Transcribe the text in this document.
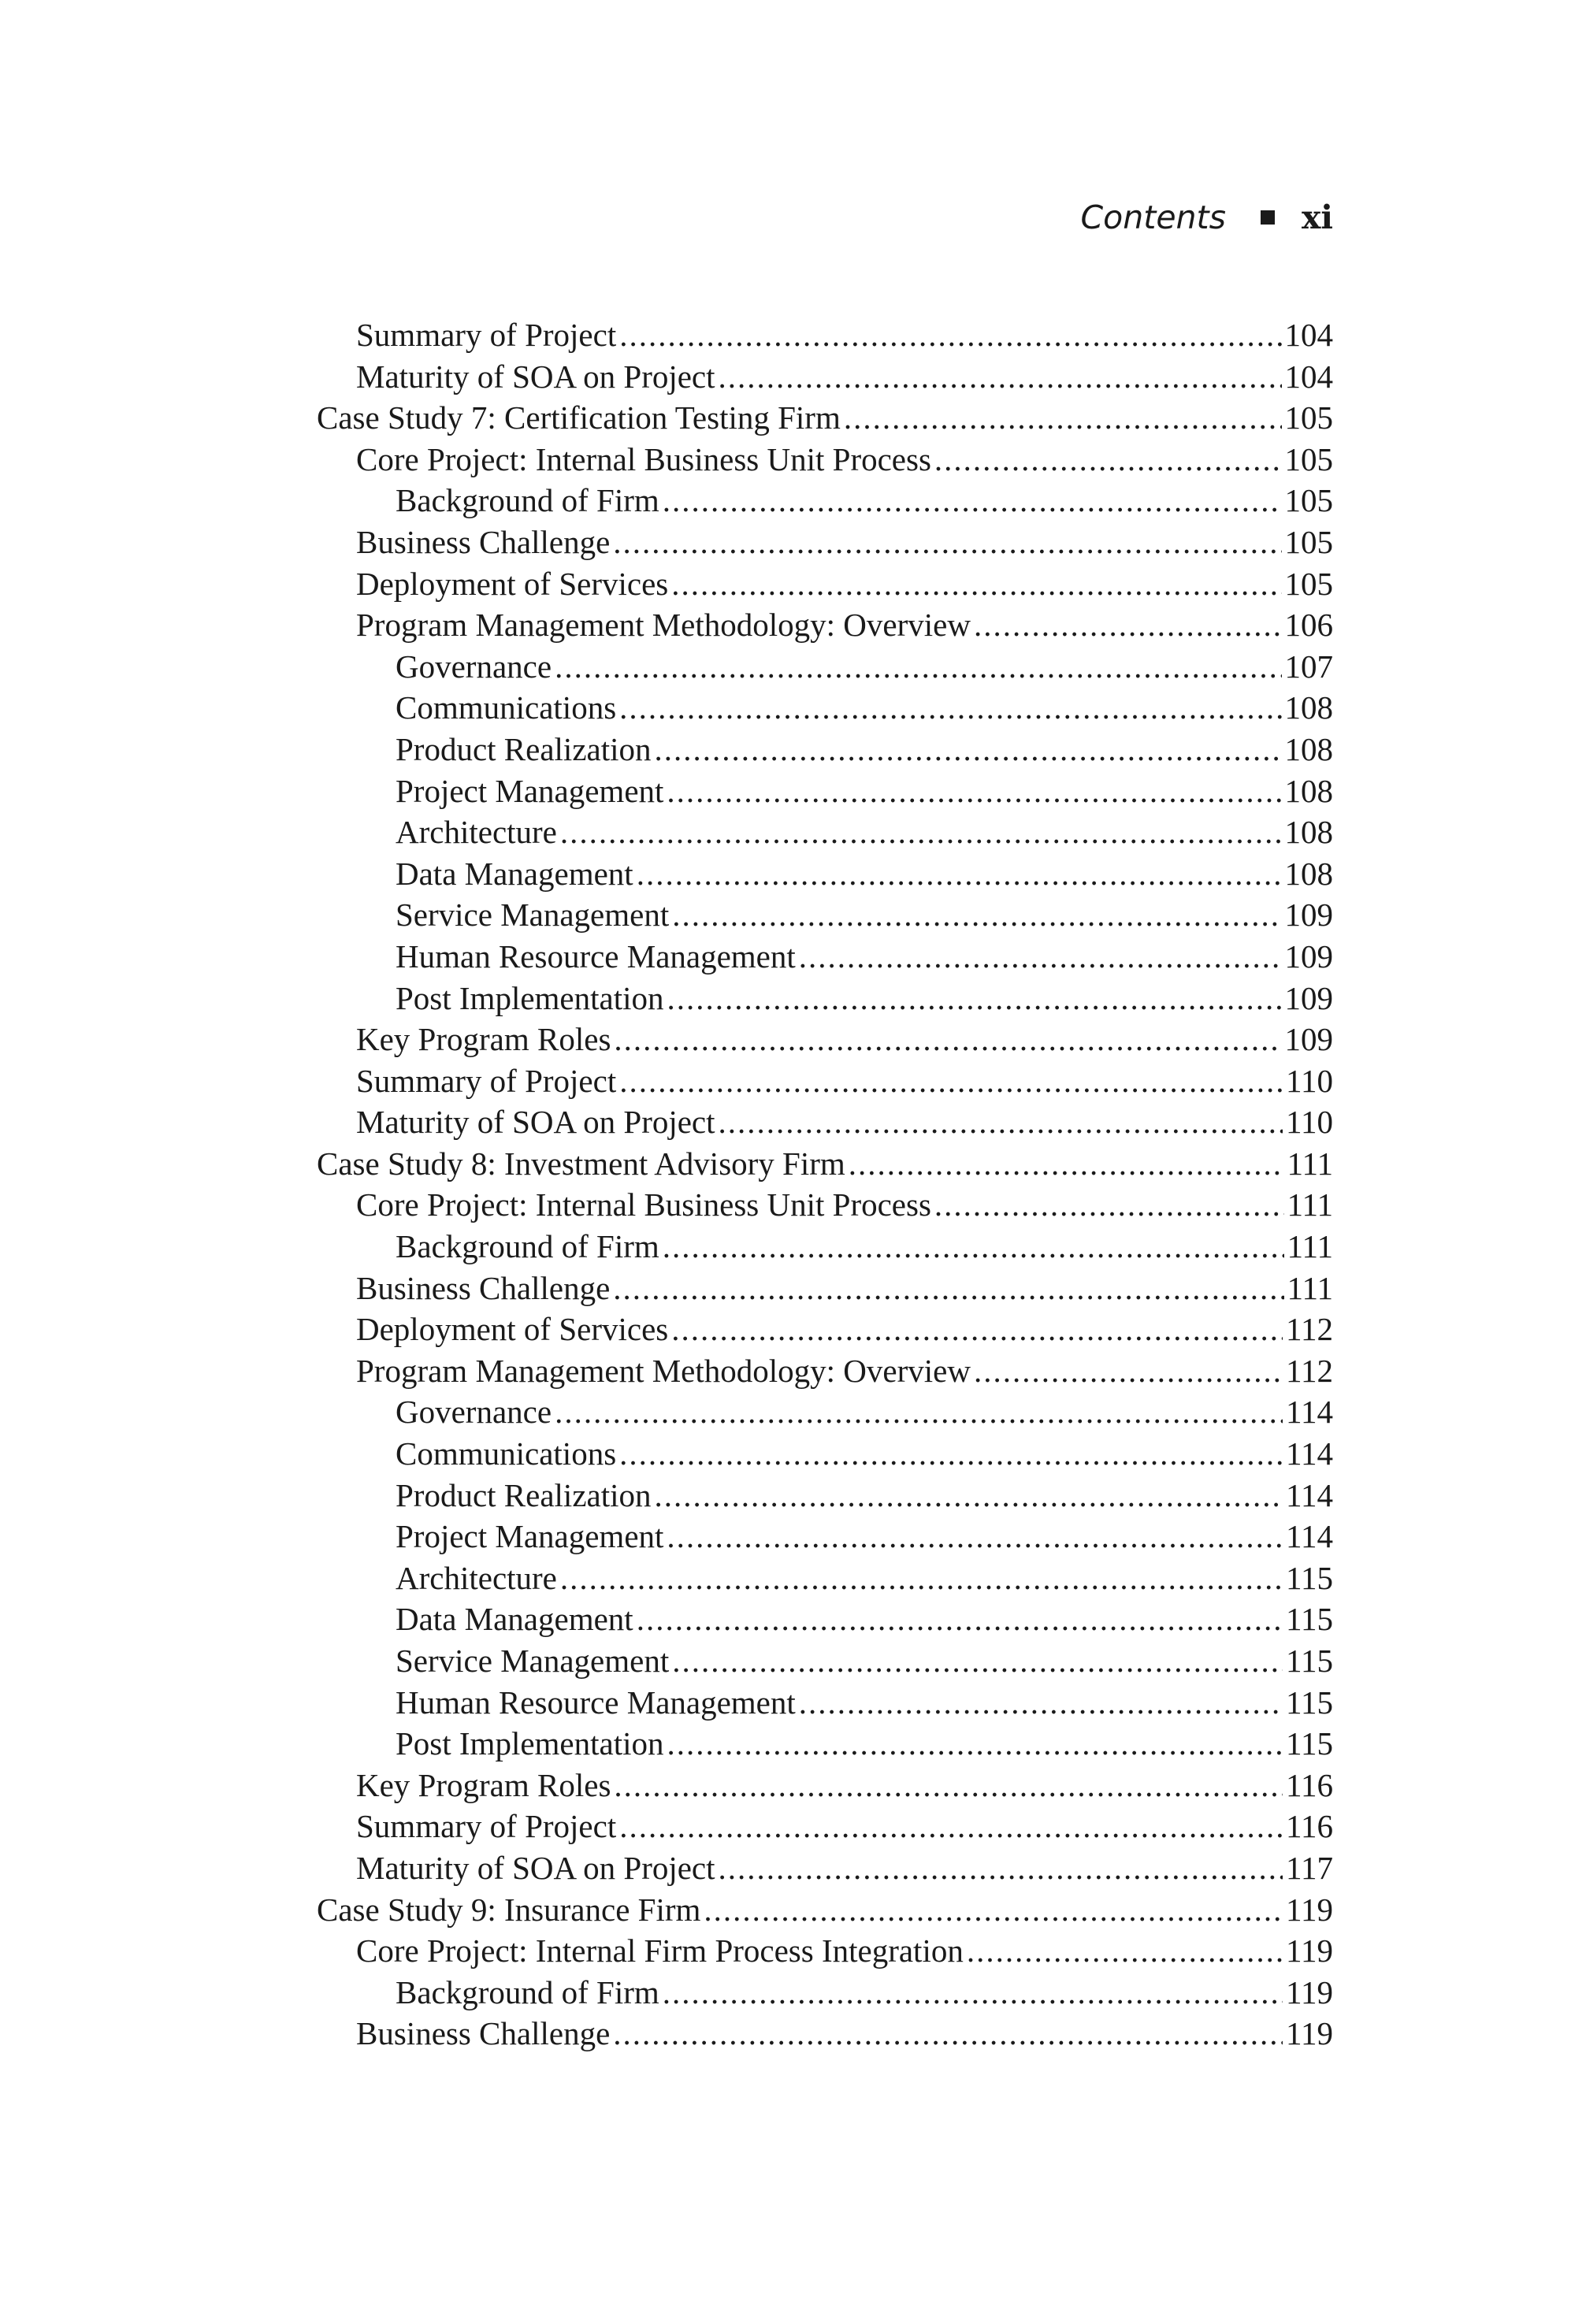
Contents xi
Summary of Project .....	104
Maturity of SOA on Project .....	104
Case Study 7: Certification Testing Firm .....	105
Core Project: Internal Business Unit Process .....	105
Background of Firm .....	105
Business Challenge .....	105
Deployment of Services .....	105
Program Management Methodology: Overview .....	106
Governance .....	107
Communications .....	108
Product Realization .....	108
Project Management .....	108
Architecture .....	108
Data Management .....	108
Service Management .....	109
Human Resource Management .....	109
Post Implementation .....	109
Key Program Roles .....	109
Summary of Project .....	110
Maturity of SOA on Project .....	110
Case Study 8: Investment Advisory Firm .....	111
Core Project: Internal Business Unit Process .....	111
Background of Firm .....	111
Business Challenge .....	111
Deployment of Services .....	112
Program Management Methodology: Overview .....	112
Governance .....	114
Communications .....	114
Product Realization .....	114
Project Management .....	114
Architecture .....	115
Data Management .....	115
Service Management .....	115
Human Resource Management .....	115
Post Implementation .....	115
Key Program Roles .....	116
Summary of Project .....	116
Maturity of SOA on Project .....	117
Case Study 9: Insurance Firm .....	119
Core Project: Internal Firm Process Integration .....	119
Background of Firm .....	119
Business Challenge .....	119
